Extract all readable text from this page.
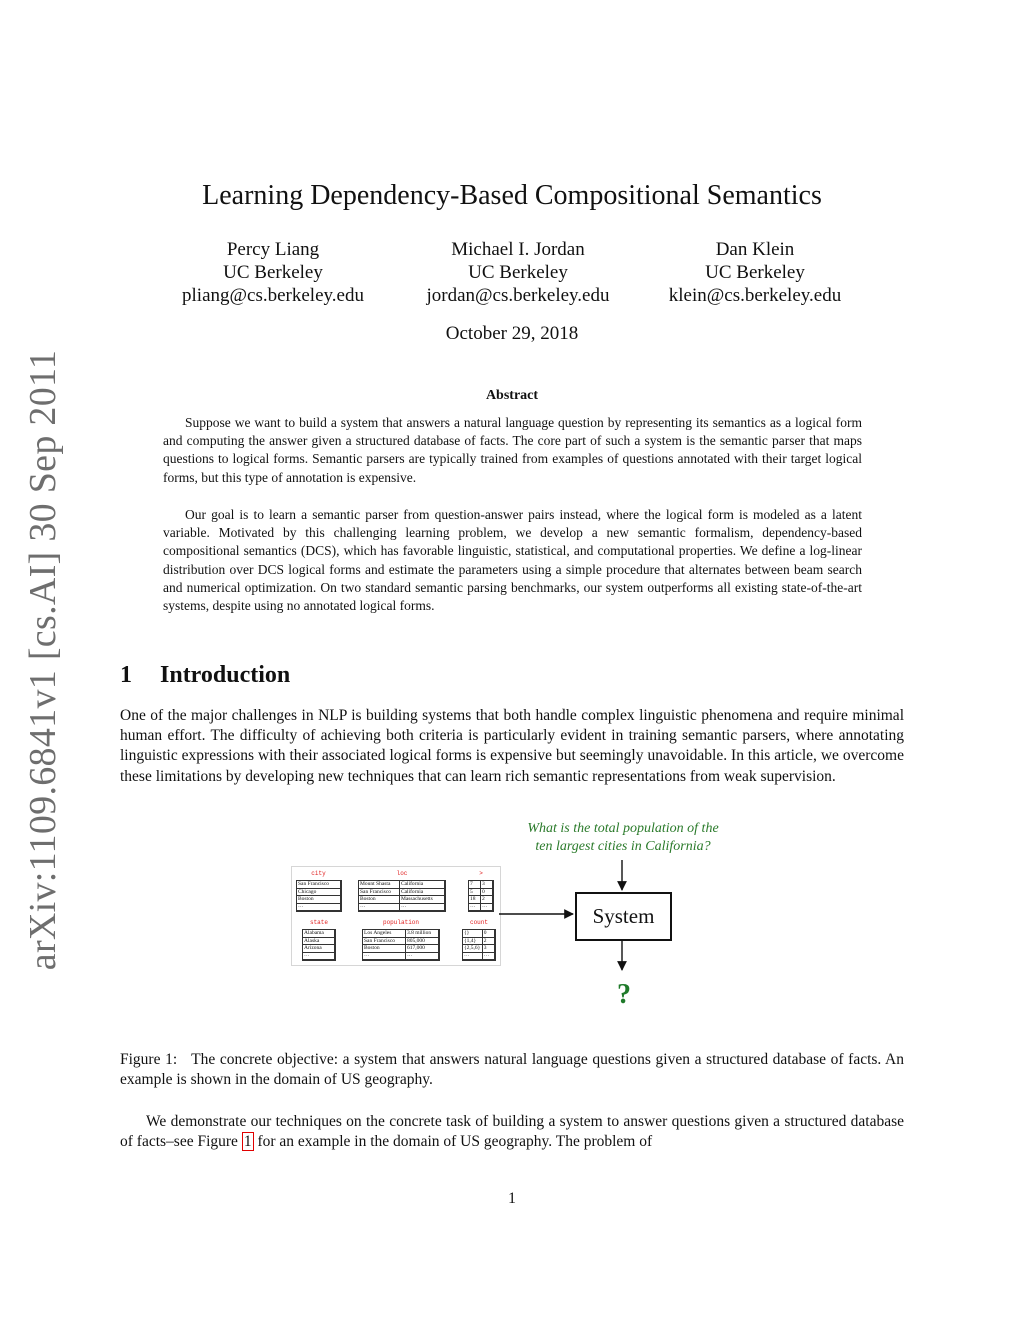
arXiv:1109.6841v1 [cs.AI] 30 Sep 2011
Learning Dependency-Based Compositional Semantics
Percy Liang
UC Berkeley
pliang@cs.berkeley.edu
Michael I. Jordan
UC Berkeley
jordan@cs.berkeley.edu
Dan Klein
UC Berkeley
klein@cs.berkeley.edu
October 29, 2018
Abstract

Suppose we want to build a system that answers a natural language question by representing its semantics as a logical form and computing the answer given a structured database of facts. The core part of such a system is the semantic parser that maps questions to logical forms. Semantic parsers are typically trained from examples of questions annotated with their target logical forms, but this type of annotation is expensive.

Our goal is to learn a semantic parser from question-answer pairs instead, where the logical form is modeled as a latent variable. Motivated by this challenging learning problem, we develop a new semantic formalism, dependency-based compositional semantics (DCS), which has favorable linguistic, statistical, and computational properties. We define a log-linear distribution over DCS logical forms and estimate the parameters using a simple procedure that alternates between beam search and numerical optimization. On two standard semantic parsing benchmarks, our system outperforms all existing state-of-the-art systems, despite using no annotated logical forms.

1 Introduction

One of the major challenges in NLP is building systems that both handle complex linguistic phenomena and require minimal human effort. The difficulty of achieving both criteria is particularly evident in training semantic parsers, where annotating linguistic expressions with their associated logical forms is expensive but seemingly unavoidable. In this article, we overcome these limitations by developing new techniques that can learn rich semantic representations from weak supervision.

What is the total population of the
ten largest cities in California?
city
San Francisco
Chicago
Boston
···
loc
Mount Shasta	California
San Francisco	California
Boston	Massachusetts
···	···
>
7	3
5	0
18	2
···	···
state
Alabama
Alaska
Arizona
···
population
Los Angeles	3.8 million
San Francisco	805,000
Boston	617,000
···	···
count
{}	0
{1,4}	2
{2,5,6} 3
···	···
System
?
Figure 1: The concrete objective: a system that answers natural language questions given a structured database of facts. An example is shown in the domain of US geography.

We demonstrate our techniques on the concrete task of building a system to answer questions given a structured database of facts–see Figure 1 for an example in the domain of US geography. The problem of

1
